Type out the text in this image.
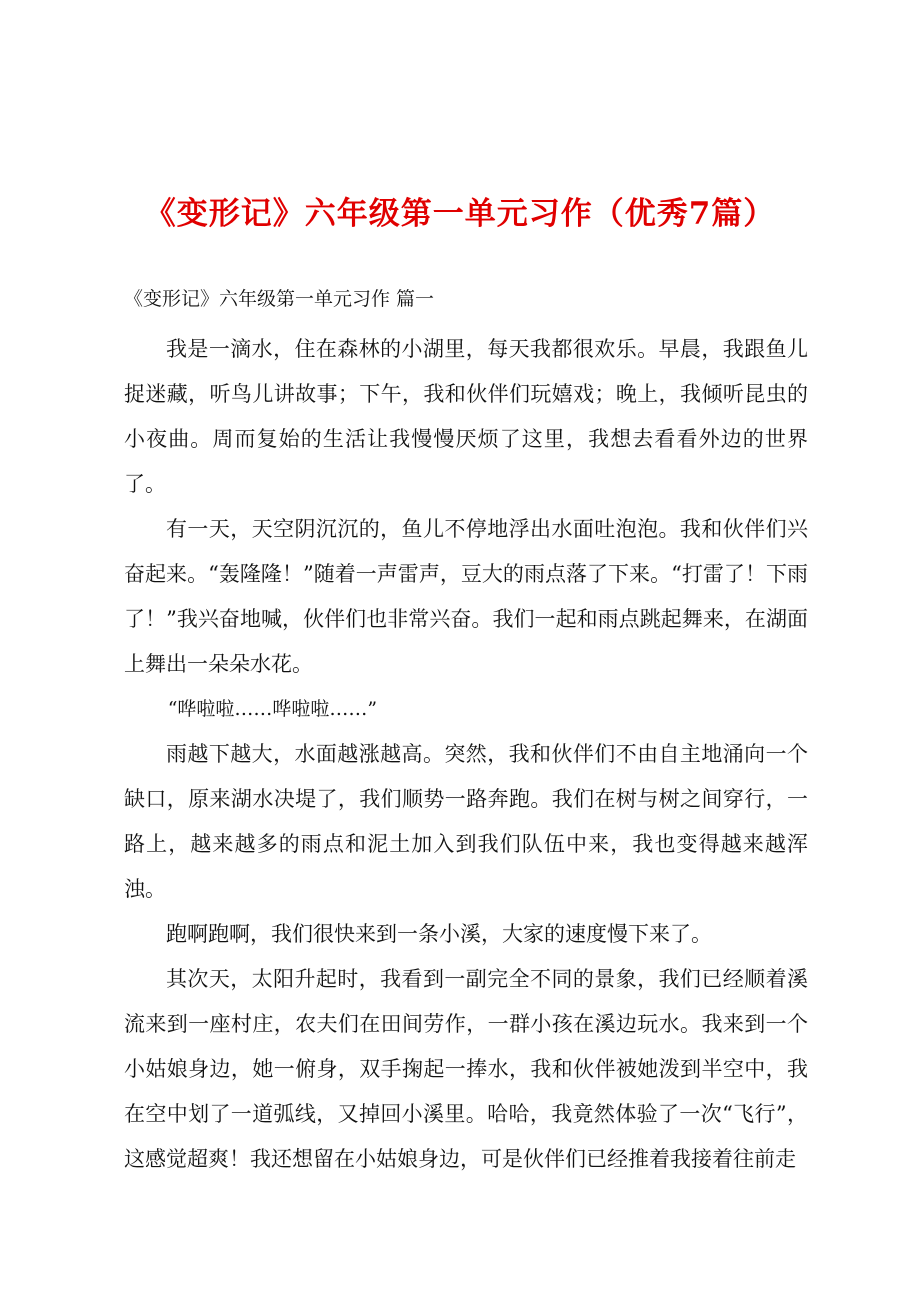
《变形记》六年级第一单元习作（优秀7篇）
《变形记》六年级第一单元习作 篇一

我是一滴水，住在森林的小湖里，每天我都很欢乐。早晨，我跟鱼儿捉迷藏，听鸟儿讲故事；下午，我和伙伴们玩嬉戏；晚上，我倾听昆虫的小夜曲。周而复始的生活让我慢慢厌烦了这里，我想去看看外边的世界了。

有一天，天空阴沉沉的，鱼儿不停地浮出水面吐泡泡。我和伙伴们兴奋起来。“轰隆隆！”随着一声雷声，豆大的雨点落了下来。“打雷了！下雨了！”我兴奋地喊，伙伴们也非常兴奋。我们一起和雨点跳起舞来，在湖面上舞出一朵朵水花。

“哗啦啦……哗啦啦……”

雨越下越大，水面越涨越高。突然，我和伙伴们不由自主地涌向一个缺口，原来湖水决堤了，我们顺势一路奔跑。我们在树与树之间穿行，一路上，越来越多的雨点和泥土加入到我们队伍中来，我也变得越来越浑浊。

跑啊跑啊，我们很快来到一条小溪，大家的速度慢下来了。

其次天，太阳升起时，我看到一副完全不同的景象，我们已经顺着溪流来到一座村庄，农夫们在田间劳作，一群小孩在溪边玩水。我来到一个小姑娘身边，她一俯身，双手掬起一捧水，我和伙伴被她泼到半空中，我在空中划了一道弧线，又掉回小溪里。哈哈，我竟然体验了一次“飞行”，这感觉超爽！我还想留在小姑娘身边，可是伙伴们已经推着我接着往前走
